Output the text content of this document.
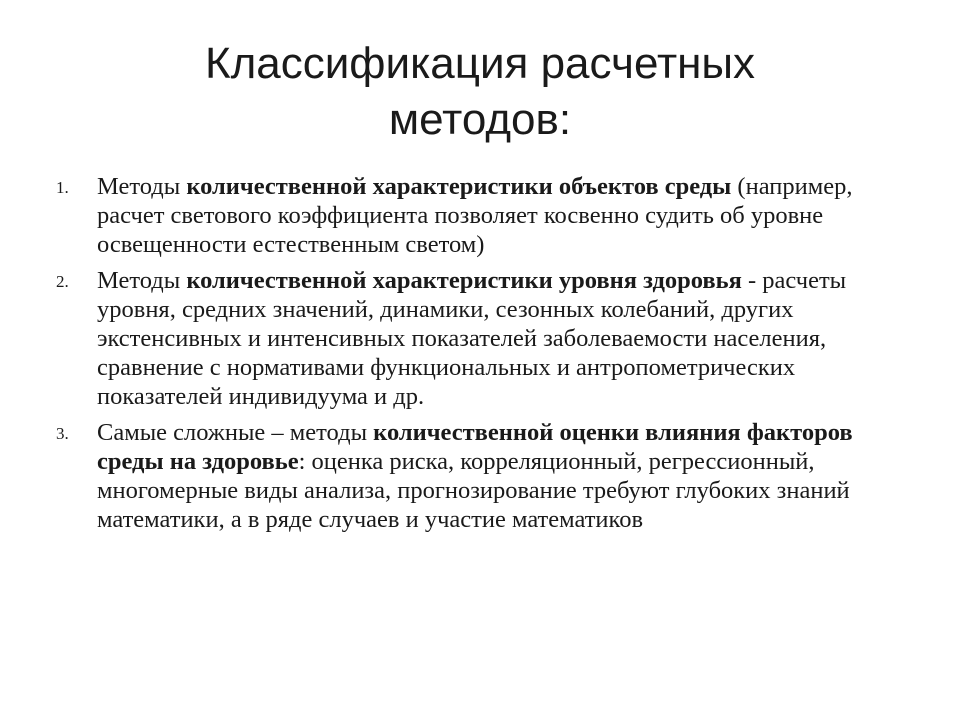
Классификация расчетных
методов:
1. Методы количественной характеристики объектов среды (например, расчет светового коэффициента позволяет косвенно судить об уровне освещенности естественным светом)
2. Методы количественной характеристики уровня здоровья - расчеты уровня, средних значений, динамики, сезонных колебаний, других экстенсивных и интенсивных показателей заболеваемости населения, сравнение с нормативами функциональных и антропометрических показателей индивидуума и др.
3. Самые сложные – методы количественной оценки влияния факторов среды на здоровье: оценка риска, корреляционный, регрессионный, многомерные виды анализа, прогнозирование требуют глубоких знаний математики, а в ряде случаев и участие математиков
